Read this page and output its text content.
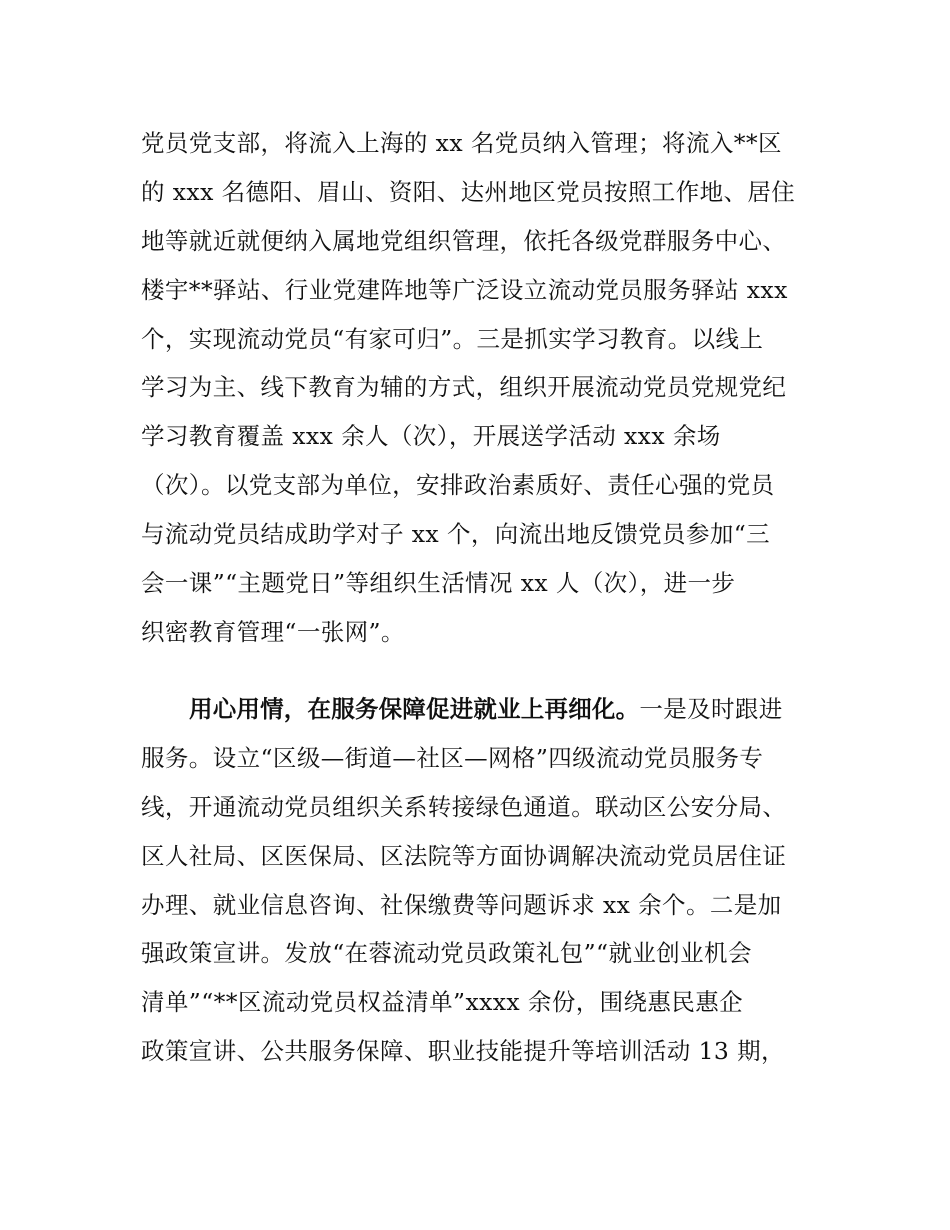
党员党支部，将流入上海的 xx 名党员纳入管理；将流入**区
的 xxx 名德阳、眉山、资阳、达州地区党员按照工作地、居住
地等就近就便纳入属地党组织管理，依托各级党群服务中心、
楼宇**驿站、行业党建阵地等广泛设立流动党员服务驿站 xxx
个，实现流动党员“有家可归”。三是抓实学习教育。以线上
学习为主、线下教育为辅的方式，组织开展流动党员党规党纪
学习教育覆盖 xxx 余人（次），开展送学活动 xxx 余场
（次）。以党支部为单位，安排政治素质好、责任心强的党员
与流动党员结成助学对子 xx 个，向流出地反馈党员参加“三
会一课”“主题党日”等组织生活情况 xx 人（次），进一步
织密教育管理“一张网”。
用心用情，在服务保障促进就业上再细化。一是及时跟进
服务。设立“区级—街道—社区—网格”四级流动党员服务专
线，开通流动党员组织关系转接绿色通道。联动区公安分局、
区人社局、区医保局、区法院等方面协调解决流动党员居住证
办理、就业信息咨询、社保缴费等问题诉求 xx 余个。二是加
强政策宣讲。发放“在蓉流动党员政策礼包”“就业创业机会
清单”“**区流动党员权益清单”xxxx 余份，围绕惠民惠企
政策宣讲、公共服务保障、职业技能提升等培训活动 13 期，
